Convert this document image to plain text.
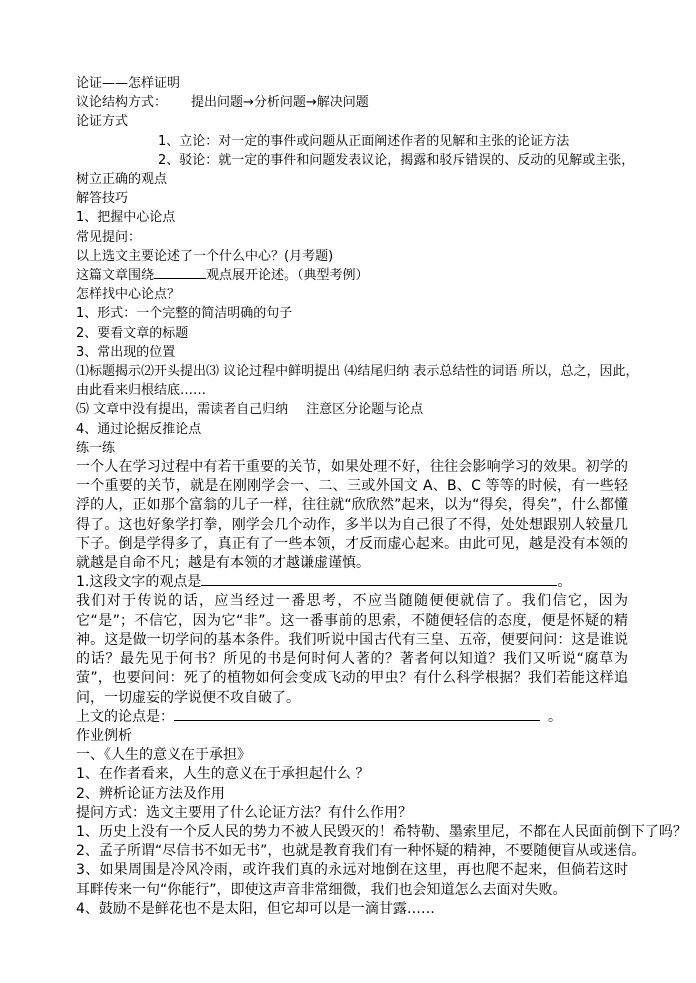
论证——怎样证明
议论结构方式： 提出问题→分析问题→解决问题
论证方式
1、立论：对一定的事件或问题从正面阐述作者的见解和主张的论证方法
2、驳论：就一定的事件和问题发表议论，揭露和驳斥错误的、反动的见解或主张，
树立正确的观点
解答技巧
1、把握中心论点
常见提问：
以上选文主要论述了一个什么中心？(月考题)
这篇文章围绕	观点展开论述。（典型考例）
怎样找中心论点？
1、形式：一个完整的简洁明确的句子
2、要看文章的标题
3、常出现的位置
⑴标题揭示⑵开头提出⑶ 议论过程中鲜明提出 ⑷结尾归纳 表示总结性的词语 所以，总之，因此，
由此看来归根结底……
⑸ 文章中没有提出，需读者自己归纳 注意区分论题与论点
4、通过论据反推论点
练一练
一个人在学习过程中有若干重要的关节，如果处理不好，往往会影响学习的效果。初学的一个重要的关节，就是在刚刚学会一、二、三或外国文 A、B、C 等等的时候，有一些轻浮的人，正如那个富翁的儿子一样，往往就“欣欣然”起来，以为“得矣，得矣”，什么都懂得了。这也好象学打拳，刚学会几个动作，多半以为自己很了不得，处处想跟别人较量几下子。倒是学得多了，真正有了一些本领，才反而虚心起来。由此可见，越是没有本领的就越是自命不凡；越是有本领的才越谦虚谨慎。
1.这段文字的观点是	。
我们对于传说的话，应当经过一番思考，不应当随随便便就信了。我们信它，因为它“是”；不信它，因为它“非”。这一番事前的思索，不随便轻信的态度，便是怀疑的精神。这是做一切学问的基本条件。我们听说中国古代有三皇、五帝，便要问问：这是谁说的话？最先见于何书？所见的书是何时何人著的？著者何以知道？我们又听说“腐草为萤”，也要问问：死了的植物如何会变成飞动的甲虫？有什么科学根据？我们若能这样追问，一切虚妄的学说便不攻自破了。
上文的论点是：	。
作业例析
一、《人生的意义在于承担》
1、在作者看来，人生的意义在于承担起什么 ？
2、辨析论证方法及作用
提问方式：选文主要用了什么论证方法？有什么作用？
1、历史上没有一个反人民的势力不被人民毁灭的！希特勒、墨索里尼，不都在人民面前倒下了吗？
2、孟子所谓“尽信书不如无书”，也就是教育我们有一种怀疑的精神，不要随便盲从或迷信。
3、如果周围是冷风冷雨，或许我们真的永远对地倒在这里，再也爬不起来，但倘若这时耳畔传来一句“你能行”，即使这声音非常细微，我们也会知道怎么去面对失败。
4、鼓励不是鲜花也不是太阳，但它却可以是一滴甘露……
